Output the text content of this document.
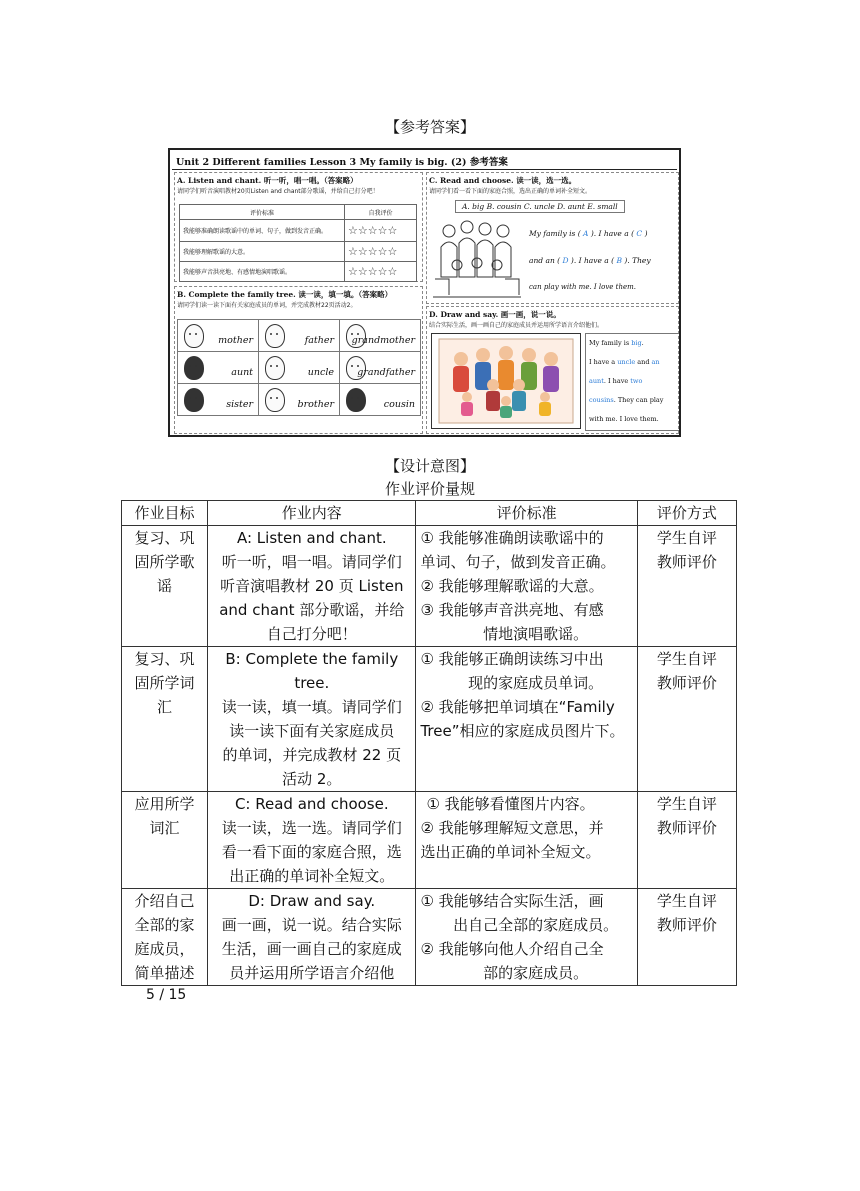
【参考答案】
Unit 2 Different families Lesson 3 My family is big. (2) 参考答案
A. Listen and chant. 听一听，唱一唱。（答案略）
请同学们听音演唱教材20页Listen and chant部分歌谣，并给自己打分吧！
评价标准	自我评价
我能够准确朗读歌谣中的单词、句子，做到发音正确。	☆☆☆☆☆
我能够理解歌谣的大意。	☆☆☆☆☆
我能够声音洪亮地、有感情地演唱歌谣。	☆☆☆☆☆
B. Complete the family tree. 读一读，填一填。（答案略）
请同学们读一读下面有关家庭成员的单词，并完成教材22页活动2。
mother	father	grandmother

aunt	uncle	grandfather

sister	brother	cousin
C. Read and choose. 读一读，选一选。
请同学们看一看下面的家庭合照，选出正确的单词补全短文。
A. big B. cousin C. uncle D. aunt E. small
My family is ( A ). I have a ( C )
and an ( D ). I have a ( B ). They
can play with me. I love them.
D. Draw and say. 画一画，说一说。
结合实际生活，画一画自己的家庭成员并运用所学语言介绍他们。
My family is big.
I have a uncle and an
aunt. I have two
cousins. They can play
with me. I love them.
【设计意图】
作业评价量规
作业目标	作业内容	评价标准	评价方式

复习、巩
固所学歌
谣	A: Listen and chant.
听一听，唱一唱。请同学们
听音演唱教材 20 页 Listen
and chant 部分歌谣，并给
自己打分吧！	① 我能够准确朗读歌谣中的
单词、句子，做到发音正确。
② 我能够理解歌谣的大意。
③ 我能够声音洪亮地、有感
情地演唱歌谣。	学生自评
教师评价

复习、巩
固所学词
汇	B: Complete the family tree.
读一读，填一填。请同学们
读一读下面有关家庭成员
的单词，并完成教材 22 页
活动 2。	① 我能够正确朗读练习中出
现的家庭成员单词。
② 我能够把单词填在“Family
Tree”相应的家庭成员图片下。	学生自评
教师评价

应用所学
词汇	C: Read and choose.
读一读，选一选。请同学们
看一看下面的家庭合照，选
出正确的单词补全短文。	① 我能够看懂图片内容。
② 我能够理解短文意思，并
选出正确的单词补全短文。	学生自评
教师评价

介绍自己
全部的家
庭成员，
简单描述	D: Draw and say.
画一画，说一说。结合实际
生活，画一画自己的家庭成
员并运用所学语言介绍他	① 我能够结合实际生活，画
出自己全部的家庭成员。
② 我能够向他人介绍自己全
部的家庭成员。	学生自评
教师评价
5 / 15
